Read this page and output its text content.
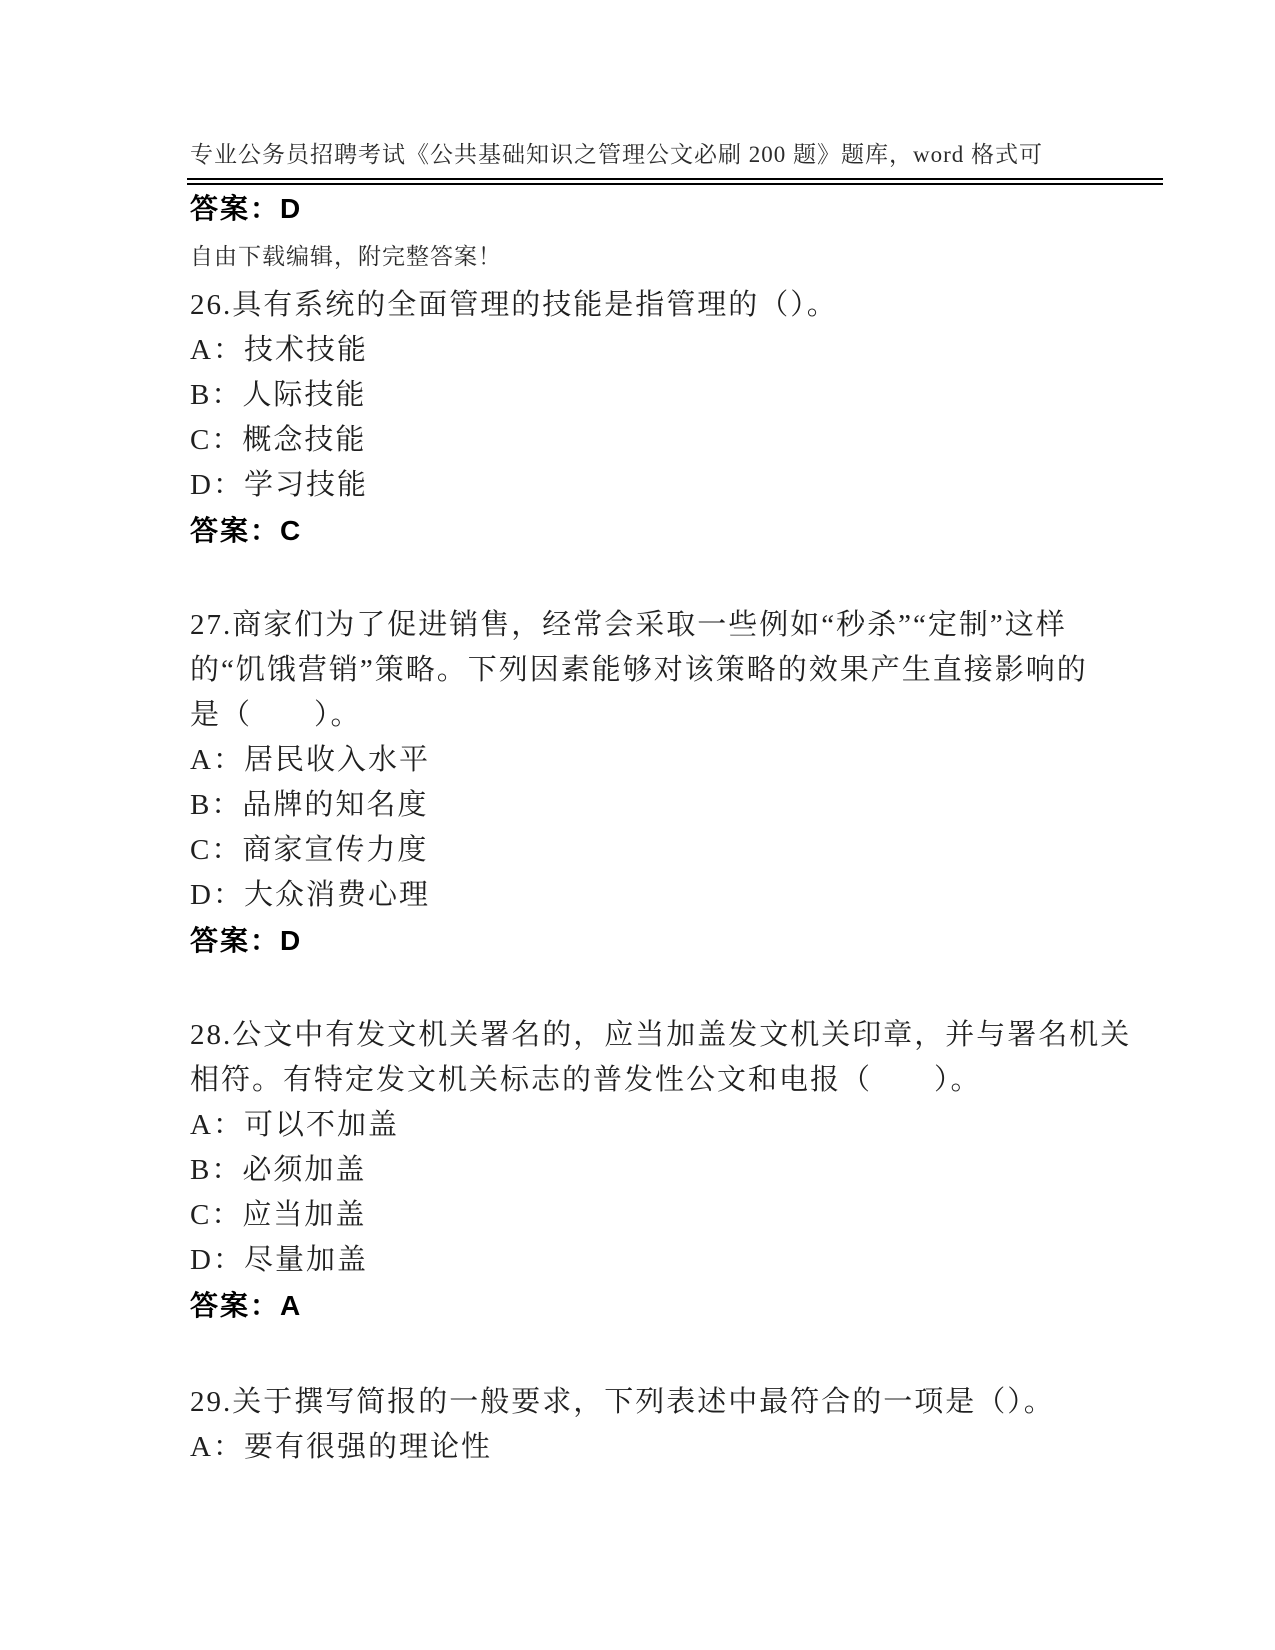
专业公务员招聘考试《公共基础知识之管理公文必刷 200 题》题库，word 格式可

自由下载编辑，附完整答案！

答案：D
26.具有系统的全面管理的技能是指管理的（）。
A：技术技能
B：人际技能
C：概念技能
D：学习技能
答案：C
27.商家们为了促进销售，经常会采取一些例如“秒杀”“定制”这样
的“饥饿营销”策略。下列因素能够对该策略的效果产生直接影响的
是（　　）。
A：居民收入水平
B：品牌的知名度
C：商家宣传力度
D：大众消费心理
答案：D
28.公文中有发文机关署名的，应当加盖发文机关印章，并与署名机关
相符。有特定发文机关标志的普发性公文和电报（　　）。
A：可以不加盖
B：必须加盖
C：应当加盖
D：尽量加盖
答案：A
29.关于撰写简报的一般要求，下列表述中最符合的一项是（）。
A：要有很强的理论性
